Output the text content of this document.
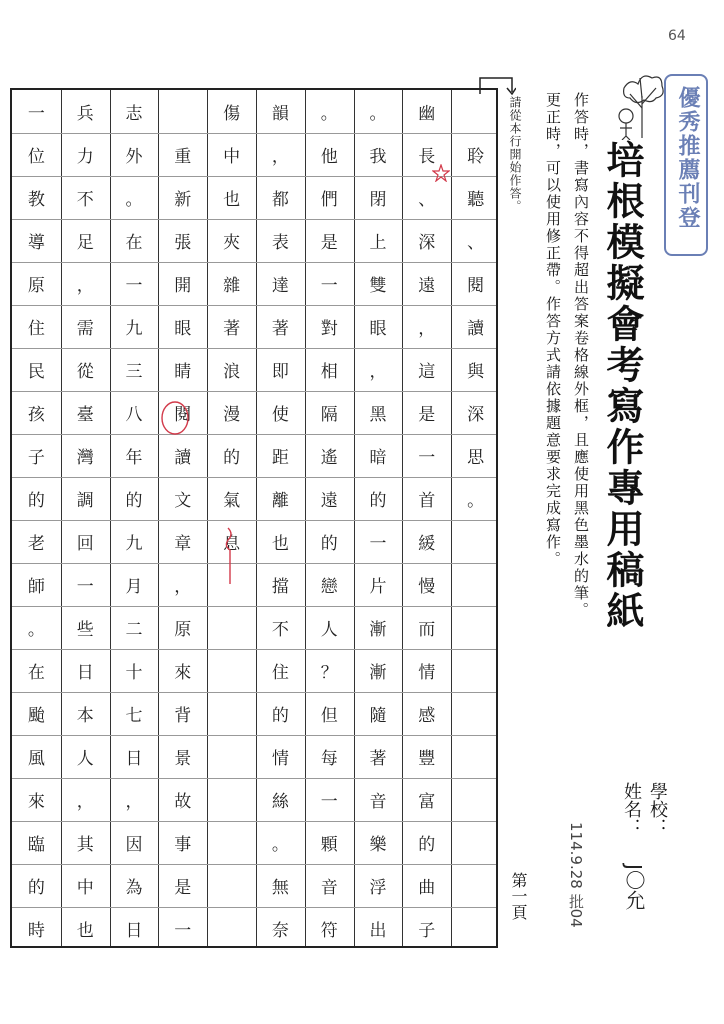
64
聆
聽
、
閱
讀
與
深
思
。
幽
長
、
深
遠
，
這
是
一
首
緩
慢
而
情
感
豐
富
的
曲
子
。
我
閉
上
雙
眼
，
黑
暗
的
一
片
漸
漸
隨
著
音
樂
浮
出
。
他
們
是
一
對
相
隔
遙
遠
的
戀
人
？
但
每
一
顆
音
符
韻
，
都
表
達
著
即
使
距
離
也
擋
不
住
的
情
絲
。
無
奈
傷
中
也
夾
雜
著
浪
漫
的
氣
息
重
新
張
開
眼
睛
閱
讀
文
章
，
原
來
背
景
故
事
是
一
志
外
。
在
一
九
三
八
年
的
九
月
二
十
七
日
，
因
為
日
兵
力
不
足
，
需
從
臺
灣
調
回
一
些
日
本
人
，
其
中
也
一
位
教
導
原
住
民
孩
子
的
老
師
。
在
颱
風
來
臨
的
時
請從本行開始作答。	作答時，書寫內容不得超出答案卷格線外框，且應使用黑色墨水的筆。
更正時，可以使用修正帶。作答方式請依據題意要求完成寫作。 培根模擬會考寫作專用稿紙 優秀推薦刊登
學校：
姓名：
J〇允
114.9.28 批04
第一頁
